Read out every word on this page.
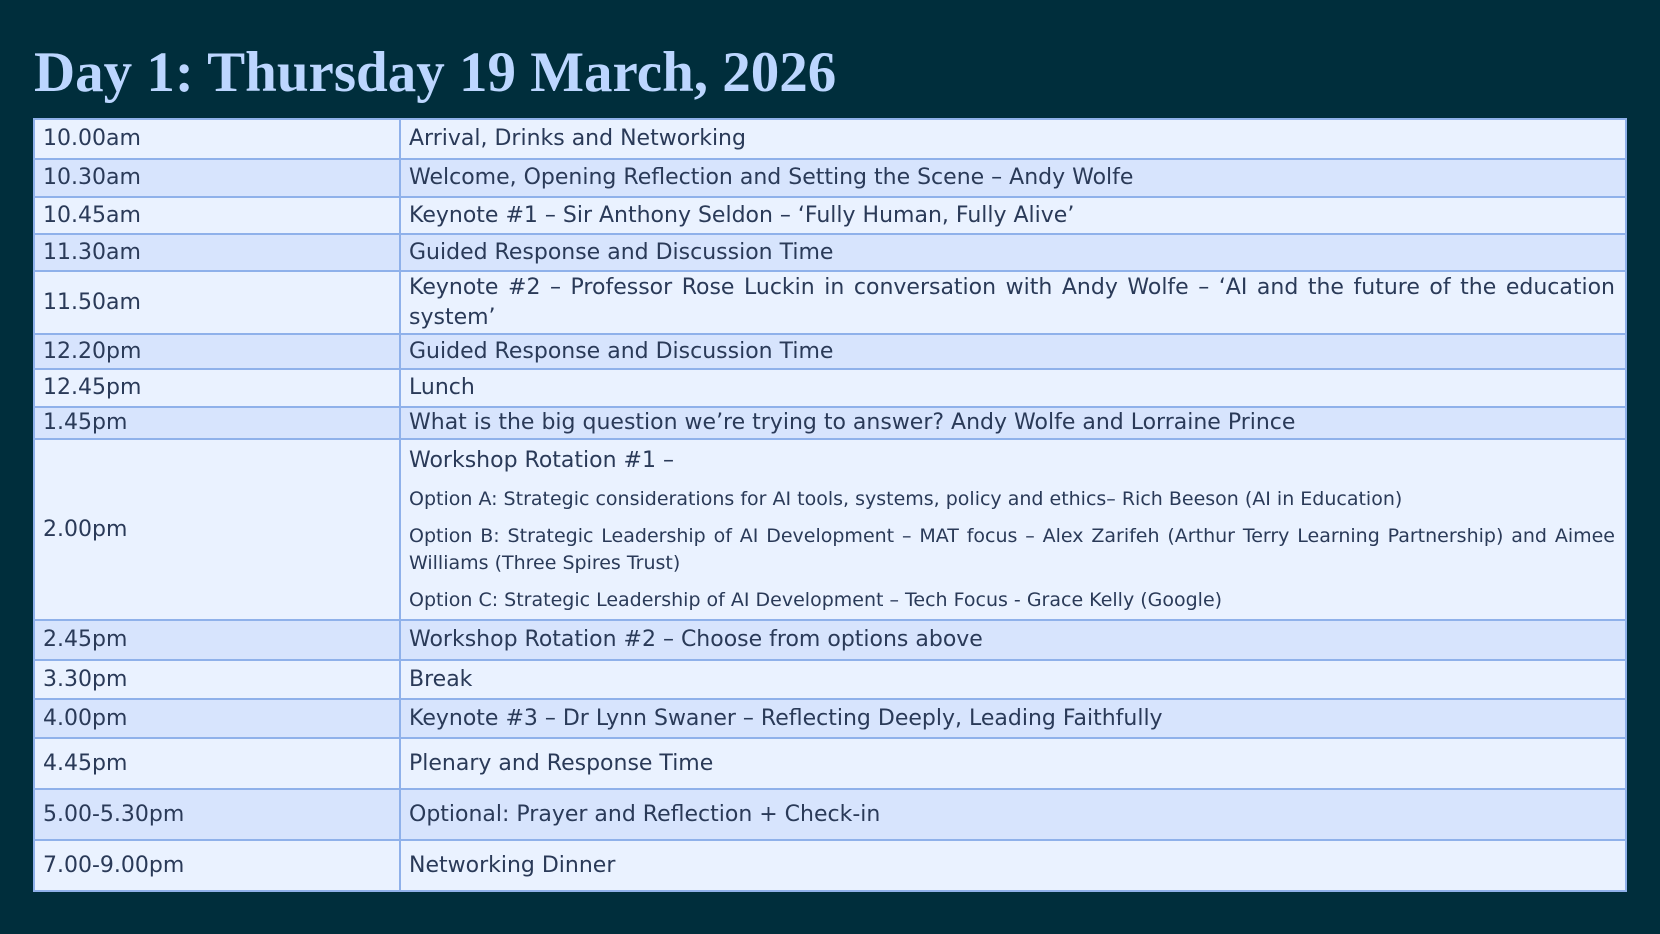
Day 1: Thursday 19 March, 2026
10.00am	Arrival, Drinks and Networking
10.30am	Welcome, Opening Reflection and Setting the Scene – Andy Wolfe
10.45am	Keynote #1 – Sir Anthony Seldon – ‘Fully Human, Fully Alive’
11.30am	Guided Response and Discussion Time
11.50am	Keynote #2 – Professor Rose Luckin in conversation with Andy Wolfe – ‘AI and the future of the education system’
12.20pm	Guided Response and Discussion Time
12.45pm	Lunch
1.45pm	What is the big question we’re trying to answer? Andy Wolfe and Lorraine Prince
2.00pm	Workshop Rotation #1 –
Option A: Strategic considerations for AI tools, systems, policy and ethics– Rich Beeson (AI in Education)
Option B: Strategic Leadership of AI Development – MAT focus – Alex Zarifeh (Arthur Terry Learning Partnership) and Aimee Williams (Three Spires Trust)
Option C: Strategic Leadership of AI Development – Tech Focus - Grace Kelly (Google)

2.45pm	Workshop Rotation #2 – Choose from options above
3.30pm	Break
4.00pm	Keynote #3 – Dr Lynn Swaner – Reflecting Deeply, Leading Faithfully
4.45pm	Plenary and Response Time
5.00-5.30pm	Optional: Prayer and Reflection + Check-in
7.00-9.00pm	Networking Dinner
